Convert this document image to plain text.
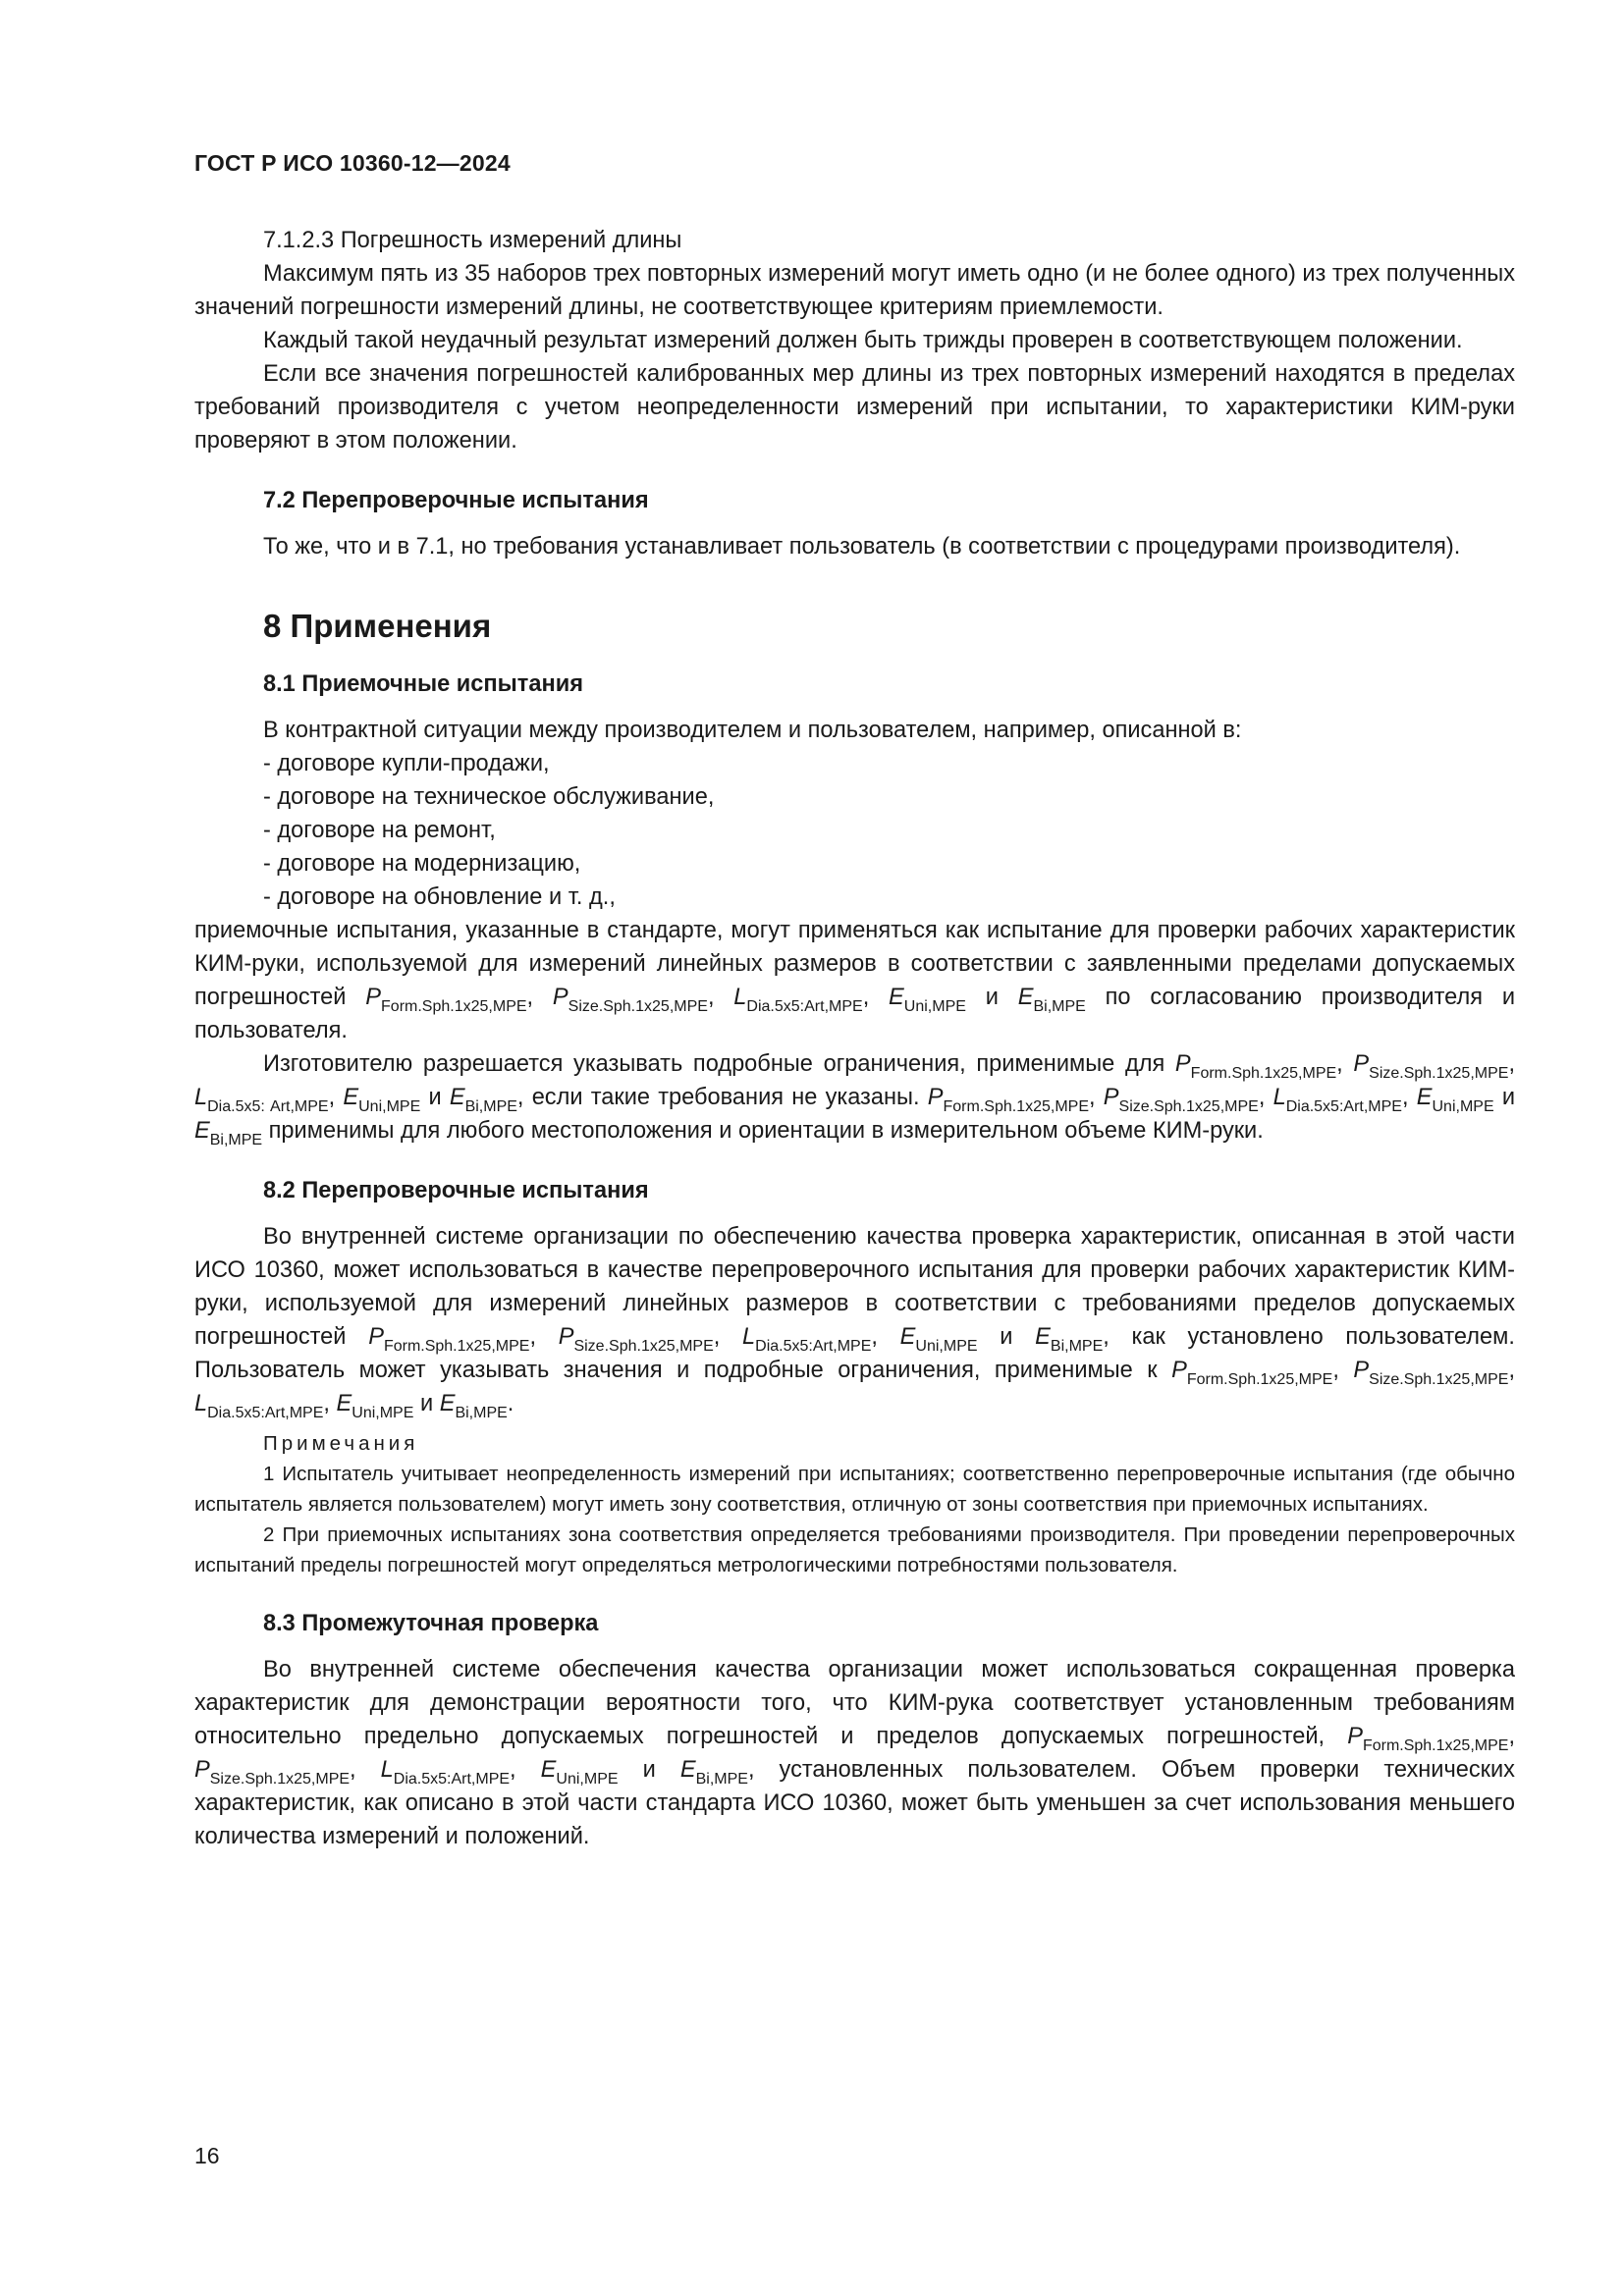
ГОСТ Р ИСО 10360-12—2024

7.1.2.3 Погрешность измерений длины

Максимум пять из 35 наборов трех повторных измерений могут иметь одно (и не более одного) из трех полученных значений погрешности измерений длины, не соответствующее критериям приемлемости.

Каждый такой неудачный результат измерений должен быть трижды проверен в соответствующем положении.

Если все значения погрешностей калиброванных мер длины из трех повторных измерений находятся в пределах требований производителя с учетом неопределенности измерений при испытании, то характеристики КИМ-руки проверяют в этом положении.

7.2 Перепроверочные испытания

То же, что и в 7.1, но требования устанавливает пользователь (в соответствии с процедурами производителя).

8 Применения
8.1 Приемочные испытания

В контрактной ситуации между производителем и пользователем, например, описанной в:

- договоре купли-продажи,

- договоре на техническое обслуживание,

- договоре на ремонт,

- договоре на модернизацию,

- договоре на обновление и т. д.,

приемочные испытания, указанные в стандарте, могут применяться как испытание для проверки рабочих характеристик КИМ-руки, используемой для измерений линейных размеров в соответствии с заявленными пределами допускаемых погрешностей $P_{Form.Sph.1x25,MPE}$, $P_{Size.Sph.1x25,MPE}$, $L_{Dia.5x5:Art,MPE}$, $E_{Uni,MPE}$ и $E_{Bi,MPE}$ по согласованию производителя и пользователя.

Изготовителю разрешается указывать подробные ограничения, применимые для $P_{Form.Sph.1x25,MPE}$, $P_{Size.Sph.1x25,MPE}$, $L_{Dia.5x5: Art,MPE}$, $E_{Uni,MPE}$ и $E_{Bi,MPE}$, если такие требования не указаны. $P_{Form.Sph.1x25,MPE}$, $P_{Size.Sph.1x25,MPE}$, $L_{Dia.5x5:Art,MPE}$, $E_{Uni,MPE}$ и $E_{Bi,MPE}$ применимы для любого местоположения и ориентации в измерительном объеме КИМ-руки.

8.2 Перепроверочные испытания

Во внутренней системе организации по обеспечению качества проверка характеристик, описанная в этой части ИСО 10360, может использоваться в качестве перепроверочного испытания для проверки рабочих характеристик КИМ-руки, используемой для измерений линейных размеров в соответствии с требованиями пределов допускаемых погрешностей $P_{Form.Sph.1x25,MPE}$, $P_{Size.Sph.1x25,MPE}$, $L_{Dia.5x5:Art,MPE}$, $E_{Uni,MPE}$ и $E_{Bi,MPE}$, как установлено пользователем. Пользователь может указывать значения и подробные ограничения, применимые к $P_{Form.Sph.1x25,MPE}$, $P_{Size.Sph.1x25,MPE}$, $L_{Dia.5x5:Art,MPE}$, $E_{Uni,MPE}$ и $E_{Bi,MPE}$.

Примечания

1 Испытатель учитывает неопределенность измерений при испытаниях; соответственно перепроверочные испытания (где обычно испытатель является пользователем) могут иметь зону соответствия, отличную от зоны соответствия при приемочных испытаниях.

2 При приемочных испытаниях зона соответствия определяется требованиями производителя. При проведении перепроверочных испытаний пределы погрешностей могут определяться метрологическими потребностями пользователя.

8.3 Промежуточная проверка

Во внутренней системе обеспечения качества организации может использоваться сокращенная проверка характеристик для демонстрации вероятности того, что КИМ-рука соответствует установленным требованиям относительно предельно допускаемых погрешностей и пределов допускаемых погрешностей, $P_{Form.Sph.1x25,MPE}$, $P_{Size.Sph.1x25,MPE}$, $L_{Dia.5x5:Art,MPE}$, $E_{Uni,MPE}$ и $E_{Bi,MPE}$, установленных пользователем. Объем проверки технических характеристик, как описано в этой части стандарта ИСО 10360, может быть уменьшен за счет использования меньшего количества измерений и положений.

16
